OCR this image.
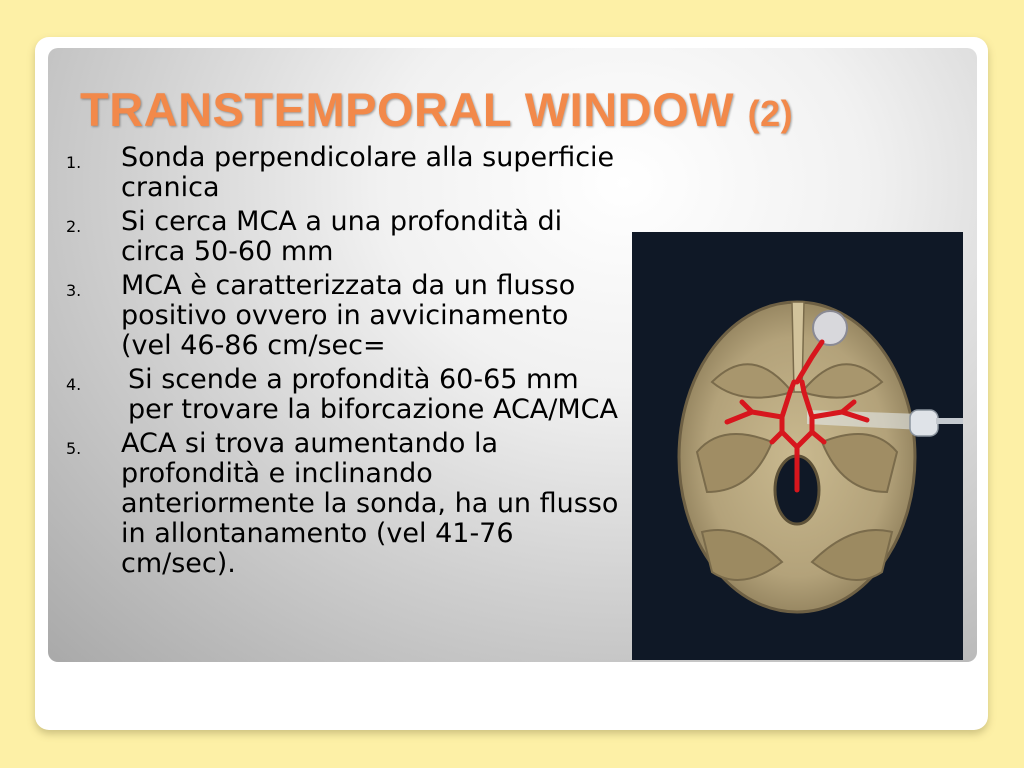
TRANSTEMPORAL WINDOW (2)
1. Sonda perpendicolare alla superficie cranica
2. Si cerca MCA a una profondità di circa 50-60 mm
3. MCA è caratterizzata da un flusso positivo ovvero in avvicinamento (vel 46-86 cm/sec=
4. Si scende a profondità 60-65 mm per trovare la biforcazione ACA/MCA
5. ACA si trova aumentando la profondità e inclinando anteriormente la sonda, ha un flusso in allontanamento (vel 41-76 cm/sec).
